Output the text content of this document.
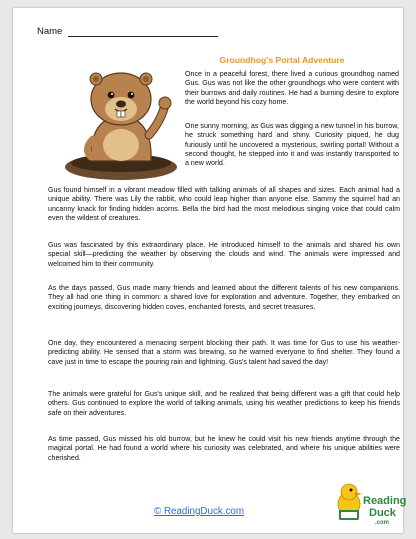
Name
Groundhog's Portal Adventure

Once in a peaceful forest, there lived a curious groundhog named Gus. Gus was not like the other groundhogs who were content with their burrows and daily routines. He had a burning desire to explore the world beyond his cozy home.

One sunny morning, as Gus was digging a new tunnel in his burrow, he struck something hard and shiny. Curiosity piqued, he dug furiously until he uncovered a mysterious, swirling portal! Without a second thought, he stepped into it and was instantly transported to a new world.

Gus found himself in a vibrant meadow filled with talking animals of all shapes and sizes. Each animal had a unique ability. There was Lily the rabbit, who could leap higher than anyone else. Sammy the squirrel had an uncanny knack for finding hidden acorns. Bella the bird had the most melodious singing voice that could calm even the wildest of creatures.

Gus was fascinated by this extraordinary place. He introduced himself to the animals and shared his own special skill—predicting the weather by observing the clouds and wind. The animals were impressed and welcomed him to their community.

As the days passed, Gus made many friends and learned about the different talents of his new companions. They all had one thing in common: a shared love for exploration and adventure. Together, they embarked on exciting journeys, discovering hidden coves, enchanted forests, and secret treasures.

One day, they encountered a menacing serpent blocking their path. It was time for Gus to use his weather-predicting ability. He sensed that a storm was brewing, so he warned everyone to find shelter. They found a cave just in time to escape the pouring rain and lightning. Gus's talent had saved the day!

The animals were grateful for Gus's unique skill, and he realized that being different was a gift that could help others. Gus continued to explore the world of talking animals, using his weather predictions to keep his friends safe on their adventures.

As time passed, Gus missed his old burrow, but he knew he could visit his new friends anytime through the magical portal. He had found a world where his curiosity was celebrated, and where his unique abilities were cherished.

© ReadingDuck.com
Reading
Duck
.com
